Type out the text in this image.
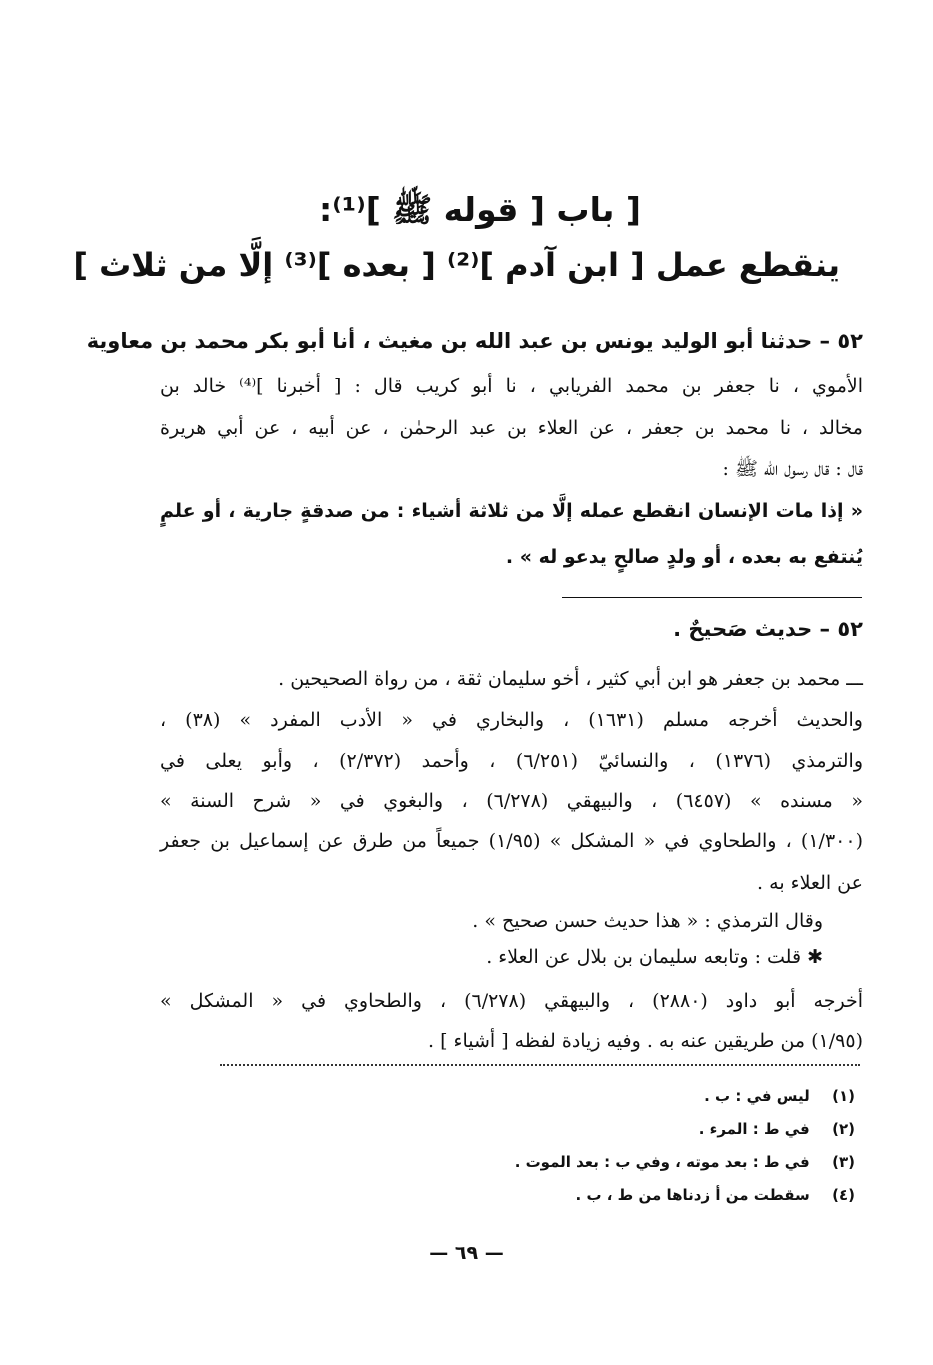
[ باب [ قوله ﷺ ]⁽¹⁾:
ينقطع عمل [ ابن آدم ]⁽²⁾ [ بعده ]⁽³⁾ إلَّا من ثلاث ]
٥٢ – حدثنا أبو الوليد يونس بن عبد الله بن مغيث ، أنا أبو بكر محمد بن معاوية
الأموي ، نا جعفر بن محمد الفريابي ، نا أبو كريب قال : [ أخبرنا ]⁽⁴⁾ خالد بن
مخالد ، نا محمد بن جعفر ، عن العلاء بن عبد الرحمٰن ، عن أبيه ، عن أبي هريرة
قال : قال رسول الله ﷺ :
« إذا مات الإنسان انقطع عمله إلَّا من ثلاثة أشياء : من صدقةٍ جارية ، أو علمٍ
يُنتفع به بعده ، أو ولدٍ صالحٍ يدعو له » .
٥٢ – حديث صَحيحٌ .
ـــ محمد بن جعفر هو ابن أبي كثير ، أخو سليمان ثقة ، من رواة الصحيحين .
والحديث أخرجه مسلم (١٦٣١) ، والبخاري في « الأدب المفرد » (٣٨) ،
والترمذي (١٣٧٦) ، والنسائيّ (٦/٢٥١) ، وأحمد (٢/٣٧٢) ، وأبو يعلى في
« مسنده » (٦٤٥٧) ، والبيهقي (٦/٢٧٨) ، والبغوي في « شرح السنة »
(١/٣٠٠) ، والطحاوي في « المشكل » (١/٩٥) جميعاً من طرق عن إسماعيل بن جعفر
عن العلاء به .
وقال الترمذي : « هذا حديث حسن صحيح » .
✱ قلت : وتابعه سليمان بن بلال عن العلاء .
أخرجه أبو داود (٢٨٨٠) ، والبيهقي (٦/٢٧٨) ، والطحاوي في « المشكل »
(١/٩٥) من طريقين عنه به . وفيه زيادة لفظه [ أشياء ] .
(١) ليس في : ب .
(٢) في ط : المرء .
(٣) في ط : بعد موته ، وفي ب : بعد الموت .
(٤) سقطت من أ زدناها من ط ، ب .
— ٦٩ —
